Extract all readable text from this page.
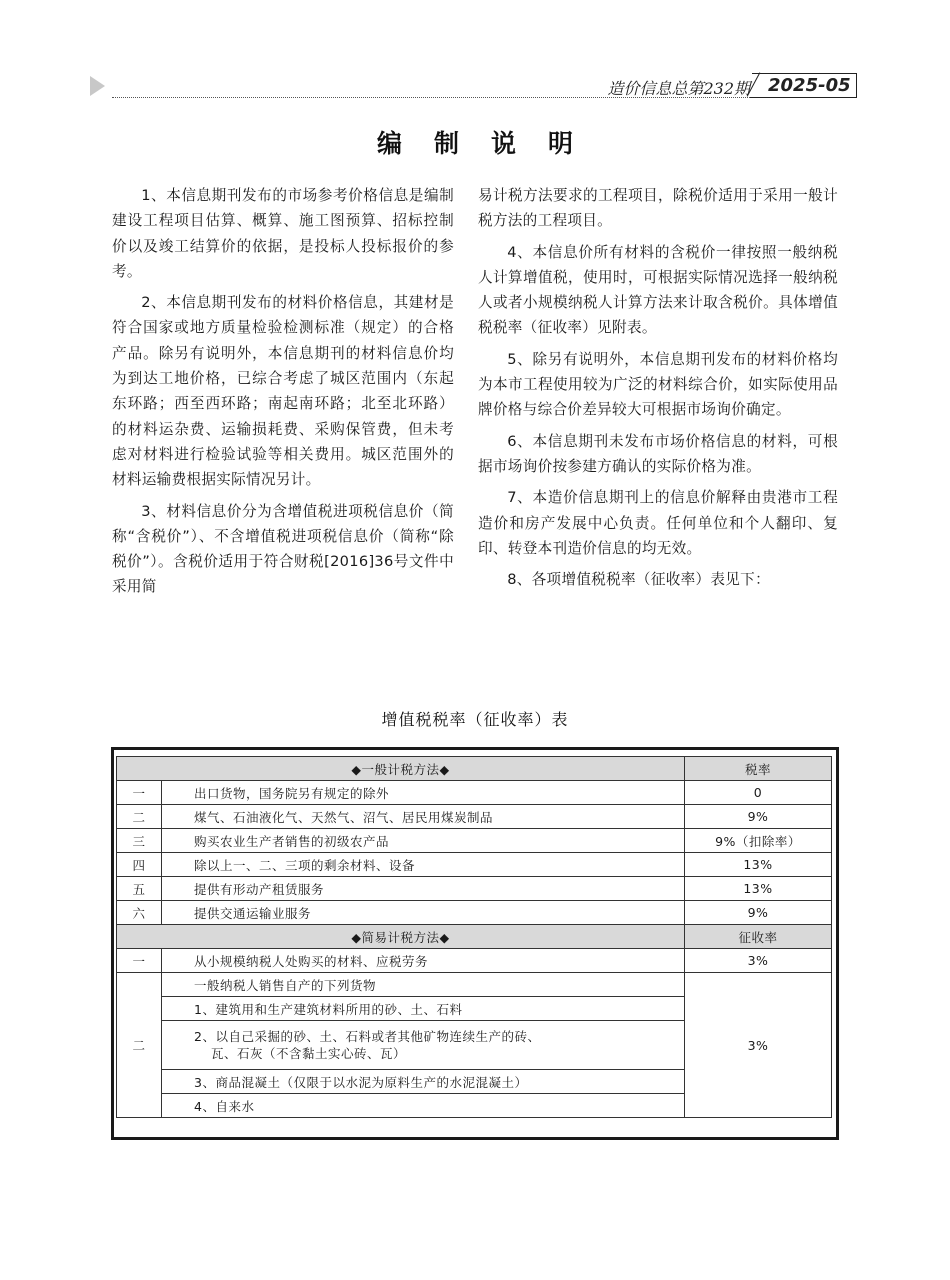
造价信息总第232期 2025-05
编制说明

1、本信息期刊发布的市场参考价格信息是编制建设工程项目估算、概算、施工图预算、招标控制价以及竣工结算价的依据，是投标人投标报价的参考。

2、本信息期刊发布的材料价格信息，其建材是符合国家或地方质量检验检测标准（规定）的合格产品。除另有说明外，本信息期刊的材料信息价均为到达工地价格，已综合考虑了城区范围内（东起东环路；西至西环路；南起南环路；北至北环路）的材料运杂费、运输损耗费、采购保管费，但未考虑对材料进行检验试验等相关费用。城区范围外的材料运输费根据实际情况另计。

3、材料信息价分为含增值税进项税信息价（简称“含税价”）、不含增值税进项税信息价（简称“除税价”）。含税价适用于符合财税[2016]36号文件中采用简

易计税方法要求的工程项目，除税价适用于采用一般计税方法的工程项目。

4、本信息价所有材料的含税价一律按照一般纳税人计算增值税，使用时，可根据实际情况选择一般纳税人或者小规模纳税人计算方法来计取含税价。具体增值税税率（征收率）见附表。

5、除另有说明外，本信息期刊发布的材料价格均为本市工程使用较为广泛的材料综合价，如实际使用品牌价格与综合价差异较大可根据市场询价确定。

6、本信息期刊未发布市场价格信息的材料，可根据市场询价按参建方确认的实际价格为准。

7、本造价信息期刊上的信息价解释由贵港市工程造价和房产发展中心负责。任何单位和个人翻印、复印、转登本刊造价信息的均无效。

8、各项增值税税率（征收率）表见下：

增值税税率（征收率）表
◆一般计税方法◆		税率
一	出口货物，国务院另有规定的除外	0
二	煤气、石油液化气、天然气、沼气、居民用煤炭制品	9%
三	购买农业生产者销售的初级农产品	9%（扣除率）
四	除以上一、二、三项的剩余材料、设备	13%
五	提供有形动产租赁服务	13%
六	提供交通运输业服务	9%
◆简易计税方法◆		征收率
一	从小规模纳税人处购买的材料、应税劳务	3%
二	一般纳税人销售自产的下列货物	3%
	1、建筑用和生产建筑材料所用的砂、土、石料	
	2、以自己采掘的砂、土、石料或者其他矿物连续生产的砖、
瓦、石灰（不含黏土实心砖、瓦）	

	3、商品混凝土（仅限于以水泥为原料生产的水泥混凝土）	
	4、自来水	
